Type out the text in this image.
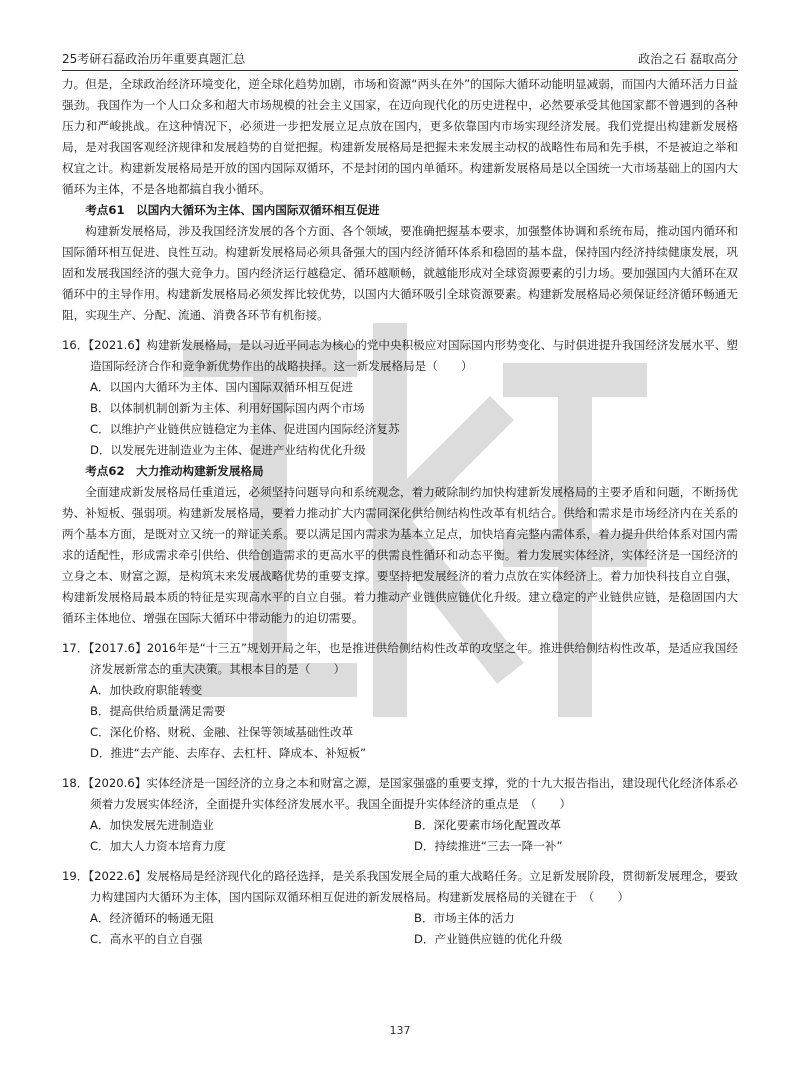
25考研石磊政治历年重要真题汇总	政治之石 磊取高分

力。但是，全球政治经济环境变化，逆全球化趋势加剧，市场和资源“两头在外”的国际大循环动能明显减弱，而国内大循环活力日益强劲。我国作为一个人口众多和超大市场规模的社会主义国家，在迈向现代化的历史进程中，必然要承受其他国家都不曾遇到的各种压力和严峻挑战。在这种情况下，必须进一步把发展立足点放在国内，更多依靠国内市场实现经济发展。我们党提出构建新发展格局，是对我国客观经济规律和发展趋势的自觉把握。构建新发展格局是把握未来发展主动权的战略性布局和先手棋，不是被迫之举和权宜之计。构建新发展格局是开放的国内国际双循环，不是封闭的国内单循环。构建新发展格局是以全国统一大市场基础上的国内大循环为主体，不是各地都搞自我小循环。

考点61　以国内大循环为主体、国内国际双循环相互促进

构建新发展格局，涉及我国经济发展的各个方面、各个领域，要准确把握基本要求，加强整体协调和系统布局，推动国内循环和国际循环相互促进、良性互动。构建新发展格局必须具备强大的国内经济循环体系和稳固的基本盘，保持国内经济持续健康发展，巩固和发展我国经济的强大竞争力。国内经济运行越稳定、循环越顺畅，就越能形成对全球资源要素的引力场。要加强国内大循环在双循环中的主导作用。构建新发展格局必须发挥比较优势，以国内大循环吸引全球资源要素。构建新发展格局必须保证经济循环畅通无阻，实现生产、分配、流通、消费各环节有机衔接。

16．【2021.6】构建新发展格局，是以习近平同志为核心的党中央积极应对国际国内形势变化、与时俱进提升我国经济发展水平、塑造国际经济合作和竞争新优势作出的战略抉择。这一新发展格局是（　　）
A．以国内大循环为主体、国内国际双循环相互促进
B．以体制机制创新为主体、利用好国际国内两个市场
C．以维护产业链供应链稳定为主体、促进国内国际经济复苏
D．以发展先进制造业为主体、促进产业结构优化升级
考点62　大力推动构建新发展格局

全面建成新发展格局任重道远，必须坚持问题导向和系统观念，着力破除制约加快构建新发展格局的主要矛盾和问题，不断扬优势、补短板、强弱项。构建新发展格局，要着力推动扩大内需同深化供给侧结构性改革有机结合。供给和需求是市场经济内在关系的两个基本方面，是既对立又统一的辩证关系。要以满足国内需求为基本立足点，加快培育完整内需体系，着力提升供给体系对国内需求的适配性，形成需求牵引供给、供给创造需求的更高水平的供需良性循环和动态平衡。着力发展实体经济，实体经济是一国经济的立身之本、财富之源，是构筑未来发展战略优势的重要支撑。要坚持把发展经济的着力点放在实体经济上。着力加快科技自立自强，构建新发展格局最本质的特征是实现高水平的自立自强。着力推动产业链供应链优化升级。建立稳定的产业链供应链，是稳固国内大循环主体地位、增强在国际大循环中带动能力的迫切需要。

17．【2017.6】2016年是“十三五”规划开局之年，也是推进供给侧结构性改革的攻坚之年。推进供给侧结构性改革，是适应我国经济发展新常态的重大决策。其根本目的是（　　）
A．加快政府职能转变
B．提高供给质量满足需要
C．深化价格、财税、金融、社保等领域基础性改革
D．推进“去产能、去库存、去杠杆、降成本、补短板”
18．【2020.6】实体经济是一国经济的立身之本和财富之源，是国家强盛的重要支撑，党的十九大报告指出，建设现代化经济体系必须着力发展实体经济，全面提升实体经济发展水平。我国全面提升实体经济的重点是　（　　）
A．加快发展先进制造业	B．深化要素市场化配置改革
C．加大人力资本培育力度	D．持续推进“三去一降一补”
19．【2022.6】发展格局是经济现代化的路径选择，是关系我国发展全局的重大战略任务。立足新发展阶段，贯彻新发展理念，要致力构建国内大循环为主体，国内国际双循环相互促进的新发展格局。构建新发展格局的关键在于　（　　）
A．经济循环的畅通无阻	B．市场主体的活力
C．高水平的自立自强	D．产业链供应链的优化升级
137
